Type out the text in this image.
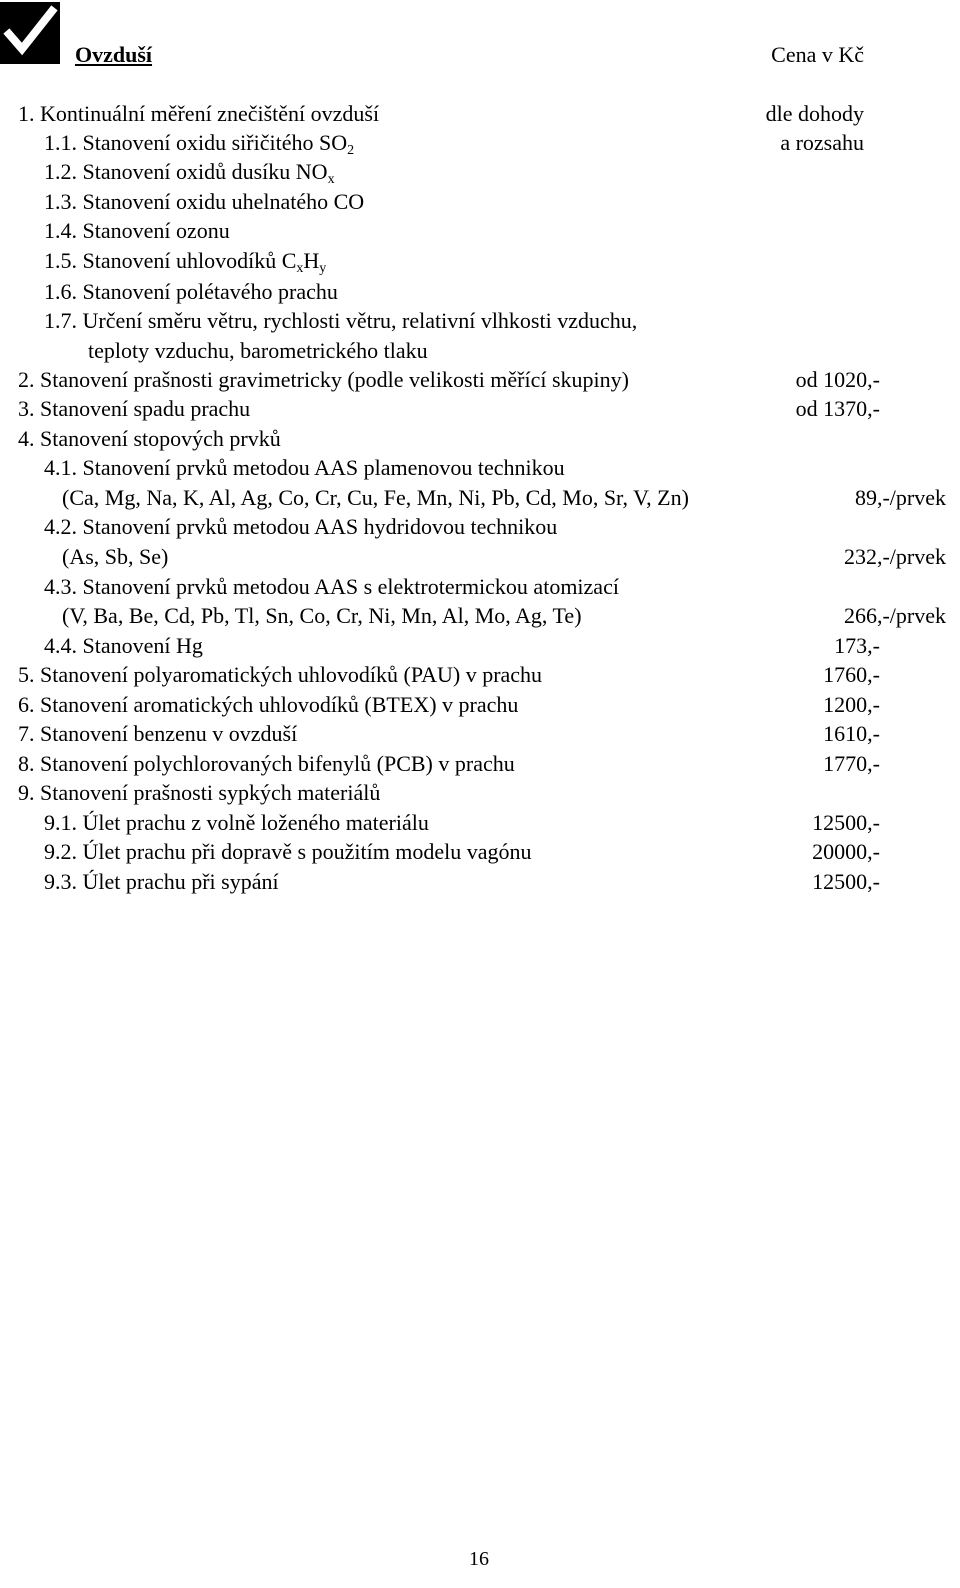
Ovzduší	Cena v Kč
1. Kontinuální měření znečištění ovzduší	dle dohody
1.1. Stanovení oxidu siřičitého $SO_2$	a rozsahu
1.2. Stanovení oxidů dusíku $NO_x$
1.3. Stanovení oxidu uhelnatého CO
1.4. Stanovení ozonu
1.5. Stanovení uhlovodíků $C_xH_y$
1.6. Stanovení polétavého prachu
1.7. Určení směru větru, rychlosti větru, relativní vlhkosti vzduchu,
teploty vzduchu, barometrického tlaku
2. Stanovení prašnosti gravimetricky (podle velikosti měřící skupiny)	od 1020,-
3. Stanovení spadu prachu	od 1370,-
4. Stanovení stopových prvků
4.1. Stanovení prvků metodou AAS plamenovou technikou
(Ca, Mg, Na, K, Al, Ag, Co, Cr, Cu, Fe, Mn, Ni, Pb, Cd, Mo, Sr, V, Zn)	89,-/prvek
4.2. Stanovení prvků metodou AAS hydridovou technikou
(As, Sb, Se)	232,-/prvek
4.3. Stanovení prvků metodou AAS s elektrotermickou atomizací
(V, Ba, Be, Cd, Pb, Tl, Sn, Co, Cr, Ni, Mn, Al, Mo, Ag, Te)	266,-/prvek
4.4. Stanovení Hg	173,-
5. Stanovení polyaromatických uhlovodíků (PAU) v prachu	1760,-
6. Stanovení aromatických uhlovodíků (BTEX) v prachu	1200,-
7. Stanovení benzenu v ovzduší	1610,-
8. Stanovení polychlorovaných bifenylů (PCB) v prachu	1770,-
9. Stanovení prašnosti sypkých materiálů
9.1. Úlet prachu z volně loženého materiálu	12500,-
9.2. Úlet prachu při dopravě s použitím modelu vagónu	20000,-
9.3. Úlet prachu při sypání	12500,-
16
